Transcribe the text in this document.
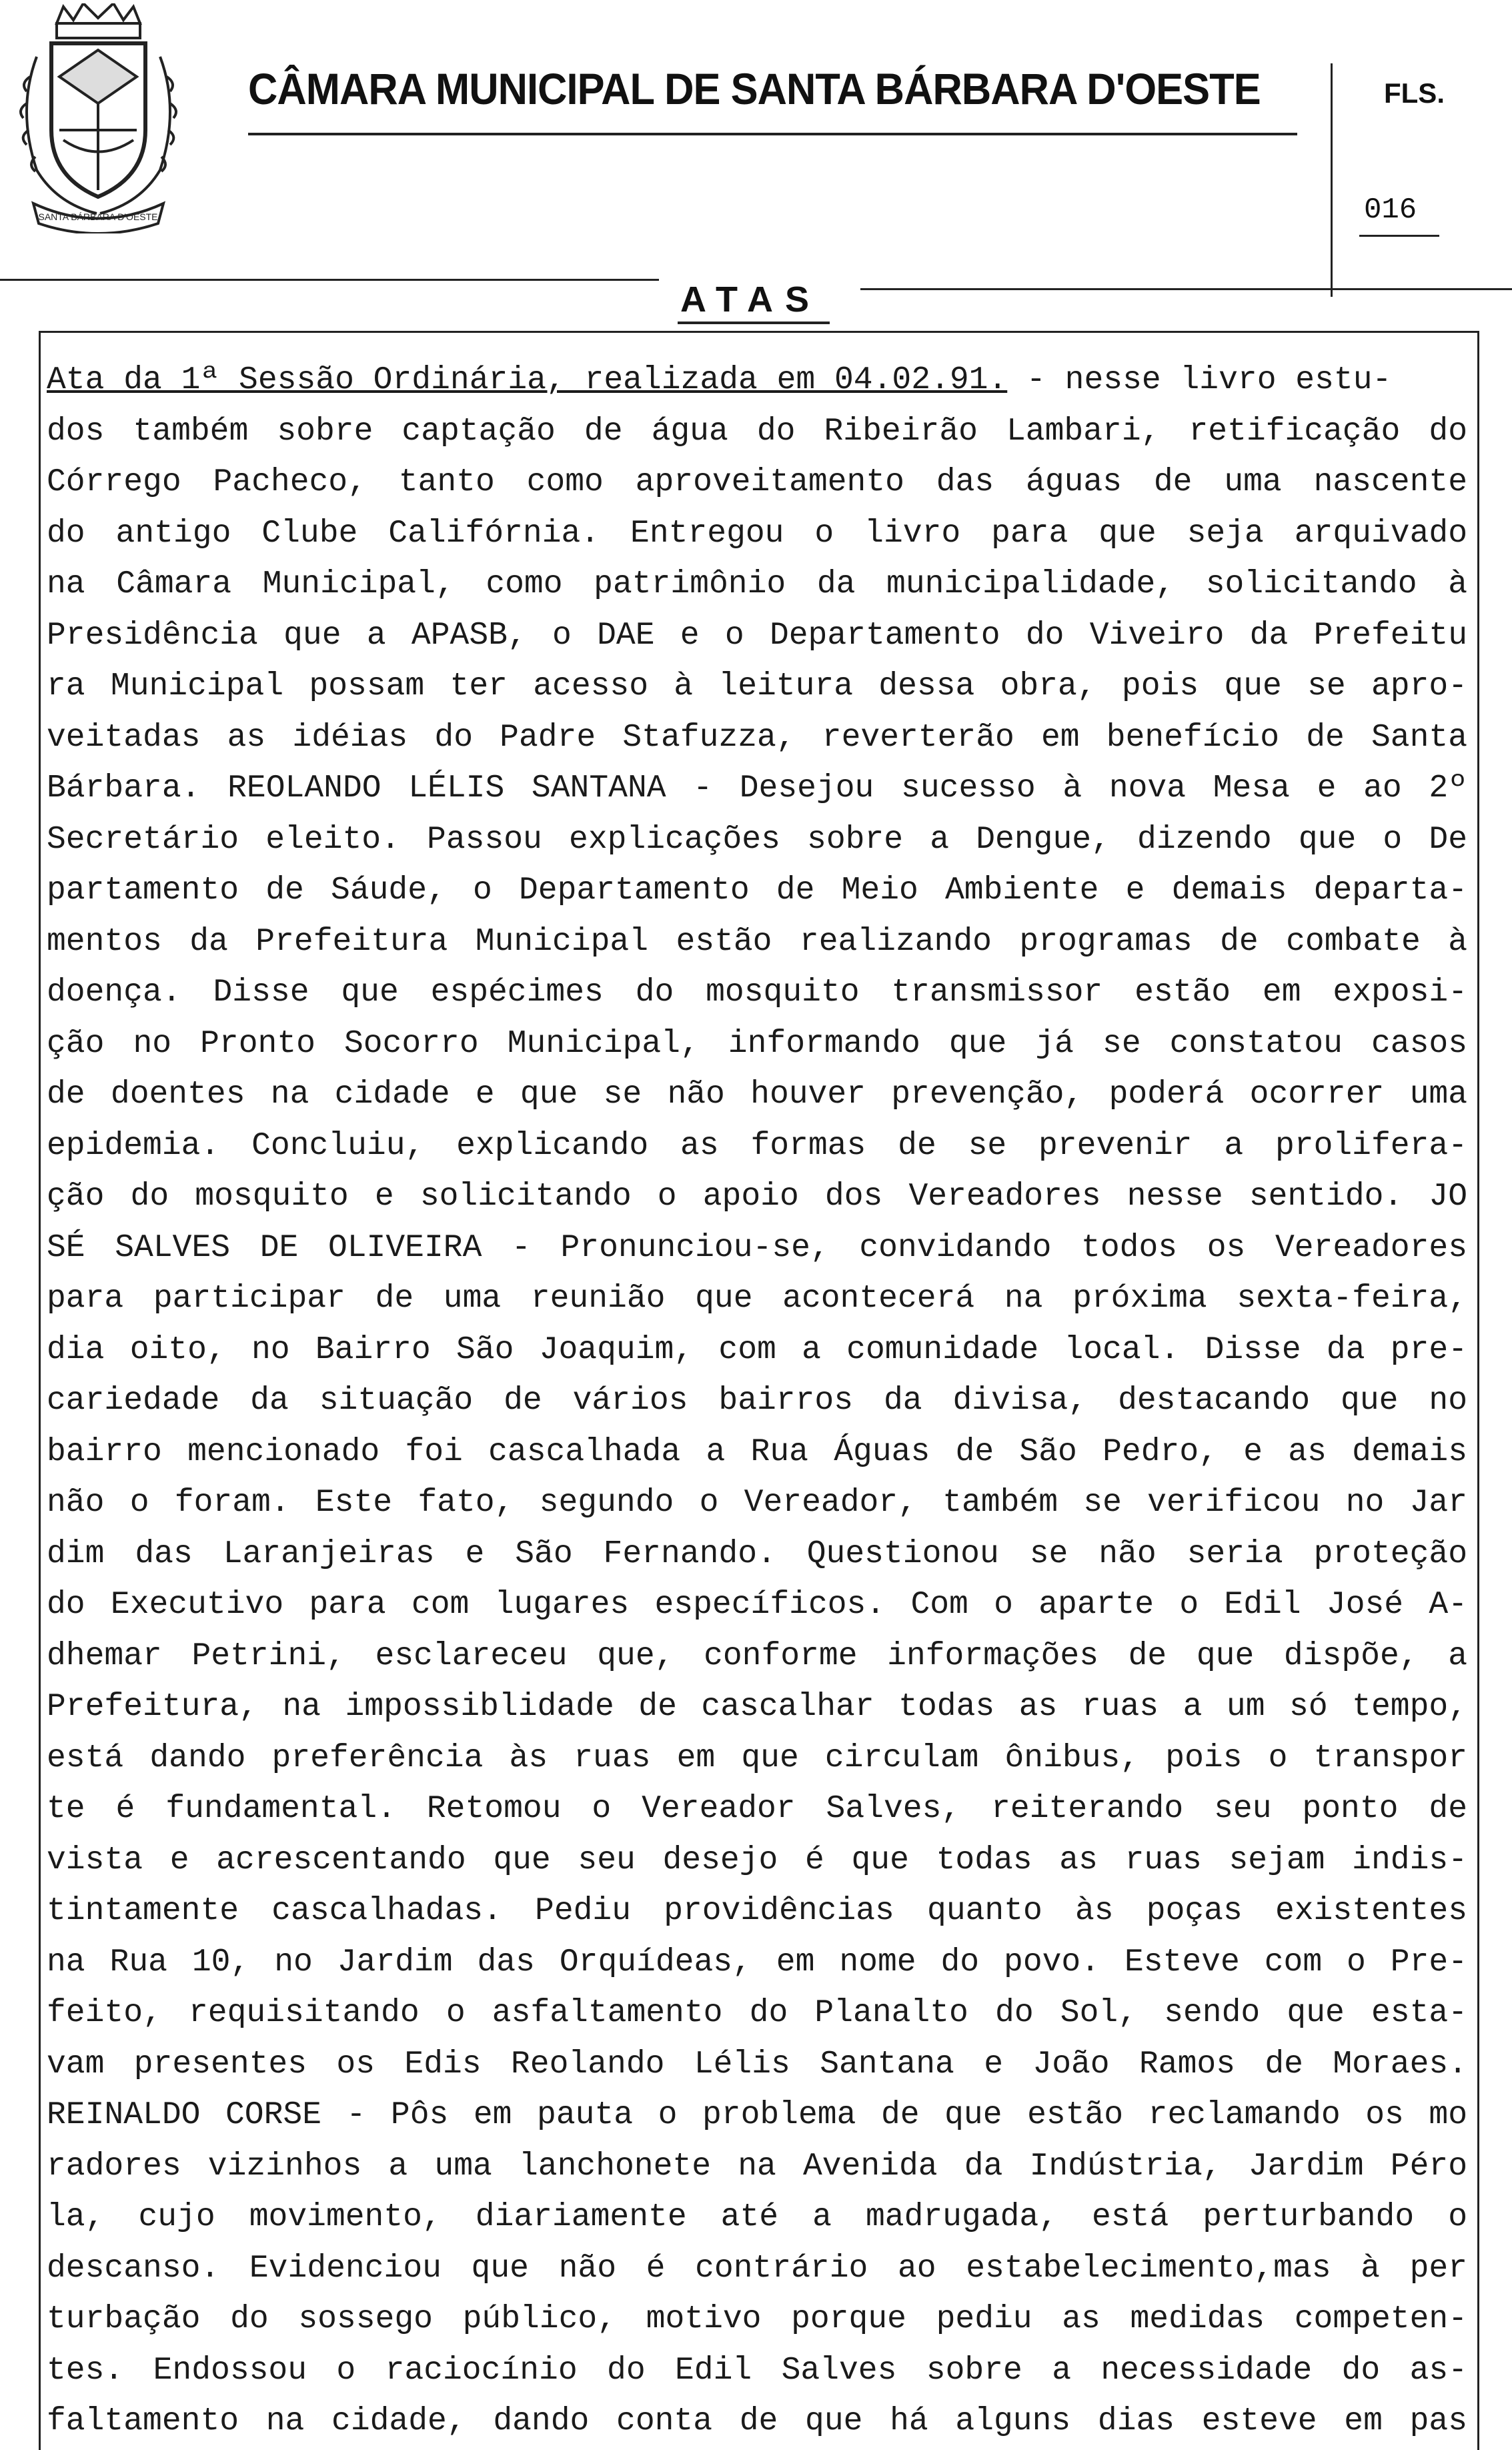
SANTA BÁRBARA D'OESTE
CÂMARA MUNICIPAL DE SANTA BÁRBARA D'OESTE	FLS.
016
ATAS
Ata da 1ª Sessão Ordinária, realizada em 04.02.91. - nesse livro estu-
dos também sobre captação de água do Ribeirão Lambari, retificação do
Córrego Pacheco, tanto como aproveitamento das águas de uma nascente
do antigo Clube Califórnia. Entregou o livro para que seja arquivado
na Câmara Municipal, como patrimônio da municipalidade, solicitando à
Presidência que a APASB, o DAE e o Departamento do Viveiro da Prefeitu
ra Municipal possam ter acesso à leitura dessa obra, pois que se apro-
veitadas as idéias do Padre Stafuzza, reverterão em benefício de Santa
Bárbara. REOLANDO LÉLIS SANTANA - Desejou sucesso à nova Mesa e ao 2º
Secretário eleito. Passou explicações sobre a Dengue, dizendo que o De
partamento de Sáude, o Departamento de Meio Ambiente e demais departa-
mentos da Prefeitura Municipal estão realizando programas de combate à
doença. Disse que espécimes do mosquito transmissor estão em exposi-
ção no Pronto Socorro Municipal, informando que já se constatou casos
de doentes na cidade e que se não houver prevenção, poderá ocorrer uma
epidemia. Concluiu, explicando as formas de se prevenir a prolifera-
ção do mosquito e solicitando o apoio dos Vereadores nesse sentido. JO
SÉ SALVES DE OLIVEIRA - Pronunciou-se, convidando todos os Vereadores
para participar de uma reunião que acontecerá na próxima sexta-feira,
dia oito, no Bairro São Joaquim, com a comunidade local. Disse da pre-
cariedade da situação de vários bairros da divisa, destacando que no
bairro mencionado foi cascalhada a Rua Águas de São Pedro, e as demais
não o foram. Este fato, segundo o Vereador, também se verificou no Jar
dim das Laranjeiras e São Fernando. Questionou se não seria proteção
do Executivo para com lugares específicos. Com o aparte o Edil José A-
dhemar Petrini, esclareceu que, conforme informações de que dispõe, a
Prefeitura, na impossiblidade de cascalhar todas as ruas a um só tempo,
está dando preferência às ruas em que circulam ônibus, pois o transpor
te é fundamental. Retomou o Vereador Salves, reiterando seu ponto de
vista e acrescentando que seu desejo é que todas as ruas sejam indis-
tintamente cascalhadas. Pediu providências quanto às poças existentes
na Rua 10, no Jardim das Orquídeas, em nome do povo. Esteve com o Pre-
feito, requisitando o asfaltamento do Planalto do Sol, sendo que esta-
vam presentes os Edis Reolando Lélis Santana e João Ramos de Moraes.
REINALDO CORSE - Pôs em pauta o problema de que estão reclamando os mo
radores vizinhos a uma lanchonete na Avenida da Indústria, Jardim Péro
la, cujo movimento, diariamente até a madrugada, está perturbando o
descanso. Evidenciou que não é contrário ao estabelecimento,mas à per
turbação do sossego público, motivo porque pediu as medidas competen-
tes. Endossou o raciocínio do Edil Salves sobre a necessidade do as-
faltamento na cidade, dando conta de que há alguns dias esteve em pas
